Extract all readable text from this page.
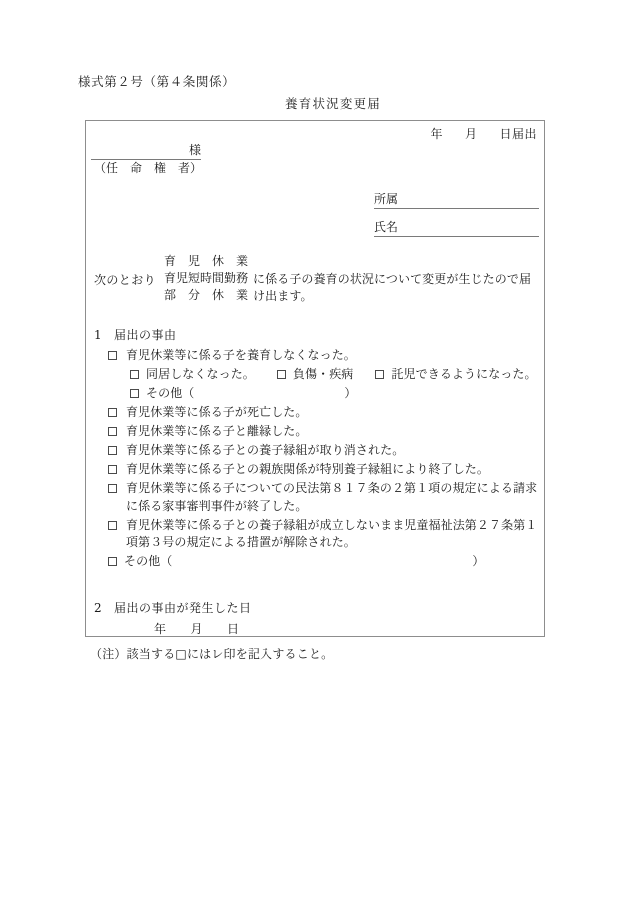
様式第２号（第４条関係）
養育状況変更届
年 月 日届出
様
（任　命　権　者）
所属
氏名
次のとおり
育児休業
育児短時間勤務
部分休業
に係る子の養育の状況について変更が生じたので届け出ます。
1 届出の事由
育児休業等に係る子を養育しなくなった。
同居しなくなった。	負傷・疾病	託児できるようになった。
その他（	）
育児休業等に係る子が死亡した。
育児休業等に係る子と離縁した。
育児休業等に係る子との養子縁組が取り消された。
育児休業等に係る子との親族関係が特別養子縁組により終了した。
育児休業等に係る子についての民法第８１７条の２第１項の規定による請求に係る家事審判事件が終了した。
育児休業等に係る子との養子縁組が成立しないまま児童福祉法第２７条第１項第３号の規定による措置が解除された。
その他（	）
2 届出の事由が発生した日
年 月 日
（注）該当する□にはレ印を記入すること。
